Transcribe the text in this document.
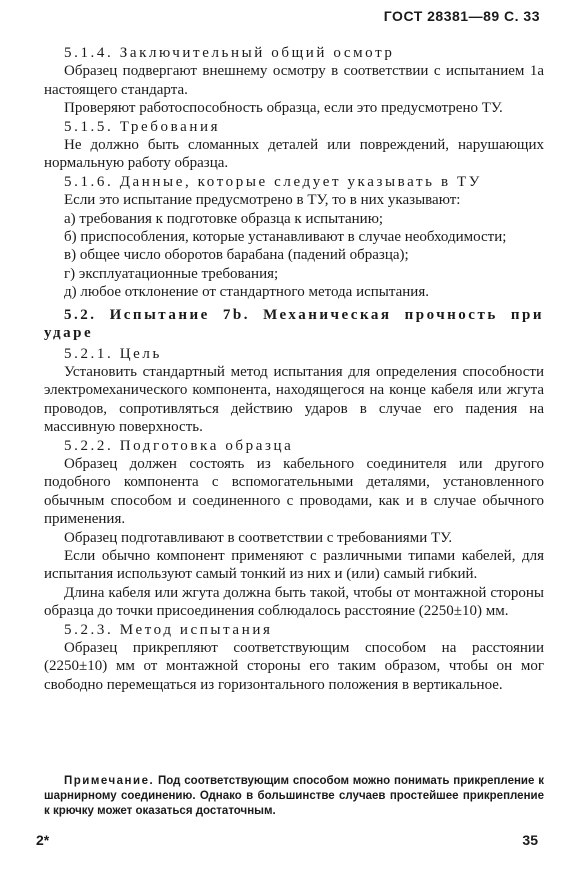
ГОСТ 28381—89 С. 33

5.1.4. Заключительный общий осмотр

Образец подвергают внешнему осмотру в соответствии с испытанием 1а настоящего стандарта.

Проверяют работоспособность образца, если это предусмотрено ТУ.

5.1.5. Требования

Не должно быть сломанных деталей или повреждений, нарушающих нормальную работу образца.

5.1.6. Данные, которые следует указывать в ТУ

Если это испытание предусмотрено в ТУ, то в них указывают:

а) требования к подготовке образца к испытанию;

б) приспособления, которые устанавливают в случае необходимости;

в) общее число оборотов барабана (падений образца);

г) эксплуатационные требования;

д) любое отклонение от стандартного метода испытания.

5.2. Испытание 7b. Механическая прочность при ударе

5.2.1. Цель

Установить стандартный метод испытания для определения способности электромеханического компонента, находящегося на конце кабеля или жгута проводов, сопротивляться действию ударов в случае его падения на массивную поверхность.

5.2.2. Подготовка образца

Образец должен состоять из кабельного соединителя или другого подобного компонента с вспомогательными деталями, установленного обычным способом и соединенного с проводами, как и в случае обычного применения.

Образец подготавливают в соответствии с требованиями ТУ.

Если обычно компонент применяют с различными типами кабелей, для испытания используют самый тонкий из них и (или) самый гибкий.

Длина кабеля или жгута должна быть такой, чтобы от монтажной стороны образца до точки присоединения соблюдалось расстояние (2250±10) мм.

5.2.3. Метод испытания

Образец прикрепляют соответствующим способом на расстоянии (2250±10) мм от монтажной стороны его таким образом, чтобы он мог свободно перемещаться из горизонтального положения в вертикальное.

Примечание. Под соответствующим способом можно понимать прикрепление к шарнирному соединению. Однако в большинстве случаев простейшее прикрепление к крючку может оказаться достаточным.
2*	35
